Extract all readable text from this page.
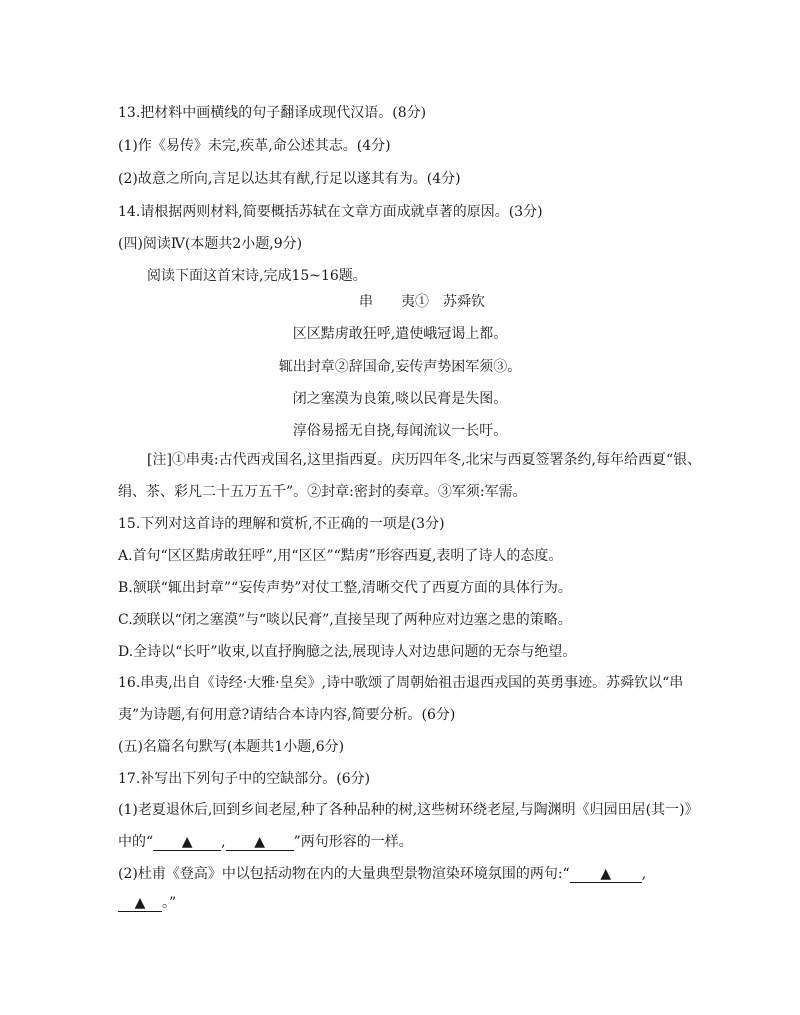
13.把材料中画横线的句子翻译成现代汉语。(8分)
(1)作《易传》未完,疾革,命公述其志。(4分)
(2)故意之所向,言足以达其有猷,行足以遂其有为。(4分)
14.请根据两则材料,简要概括苏轼在文章方面成就卓著的原因。(3分)
(四)阅读Ⅳ(本题共2小题,9分)
阅读下面这首宋诗,完成15~16题。
串　　夷①　苏舜钦
区区黠虏敢狂呼,遣使峨冠谒上都。
辄出封章②辞国命,妄传声势困军须③。
闭之塞漠为良策,啖以民膏是失图。
淳俗易摇无自挠,每闻流议一长吁。
[注]①串夷:古代西戎国名,这里指西夏。庆历四年冬,北宋与西夏签署条约,每年给西夏“银、
绢、茶、彩凡二十五万五千”。②封章:密封的奏章。③军须:军需。
15.下列对这首诗的理解和赏析,不正确的一项是(3分)
A.首句“区区黠虏敢狂呼”,用“区区”“黠虏”形容西夏,表明了诗人的态度。
B.颔联“辄出封章”“妄传声势”对仗工整,清晰交代了西夏方面的具体行为。
C.颈联以“闭之塞漠”与“啖以民膏”,直接呈现了两种应对边塞之患的策略。
D.全诗以“长吁”收束,以直抒胸臆之法,展现诗人对边患问题的无奈与绝望。
16.串夷,出自《诗经·大雅·皇矣》,诗中歌颂了周朝始祖击退西戎国的英勇事迹。苏舜钦以“串
夷”为诗题,有何用意?请结合本诗内容,简要分析。(6分)
(五)名篇名句默写(本题共1小题,6分)
17.补写出下列句子中的空缺部分。(6分)
(1)老夏退休后,回到乡间老屋,种了各种品种的树,这些树环绕老屋,与陶渊明《归园田居(其一)》
中的“ ▲ , ▲ ”两句形容的一样。
(2)杜甫《登高》中以包括动物在内的大量典型景物渲染环境氛围的两句:“ ▲ ,
▲ 。”
